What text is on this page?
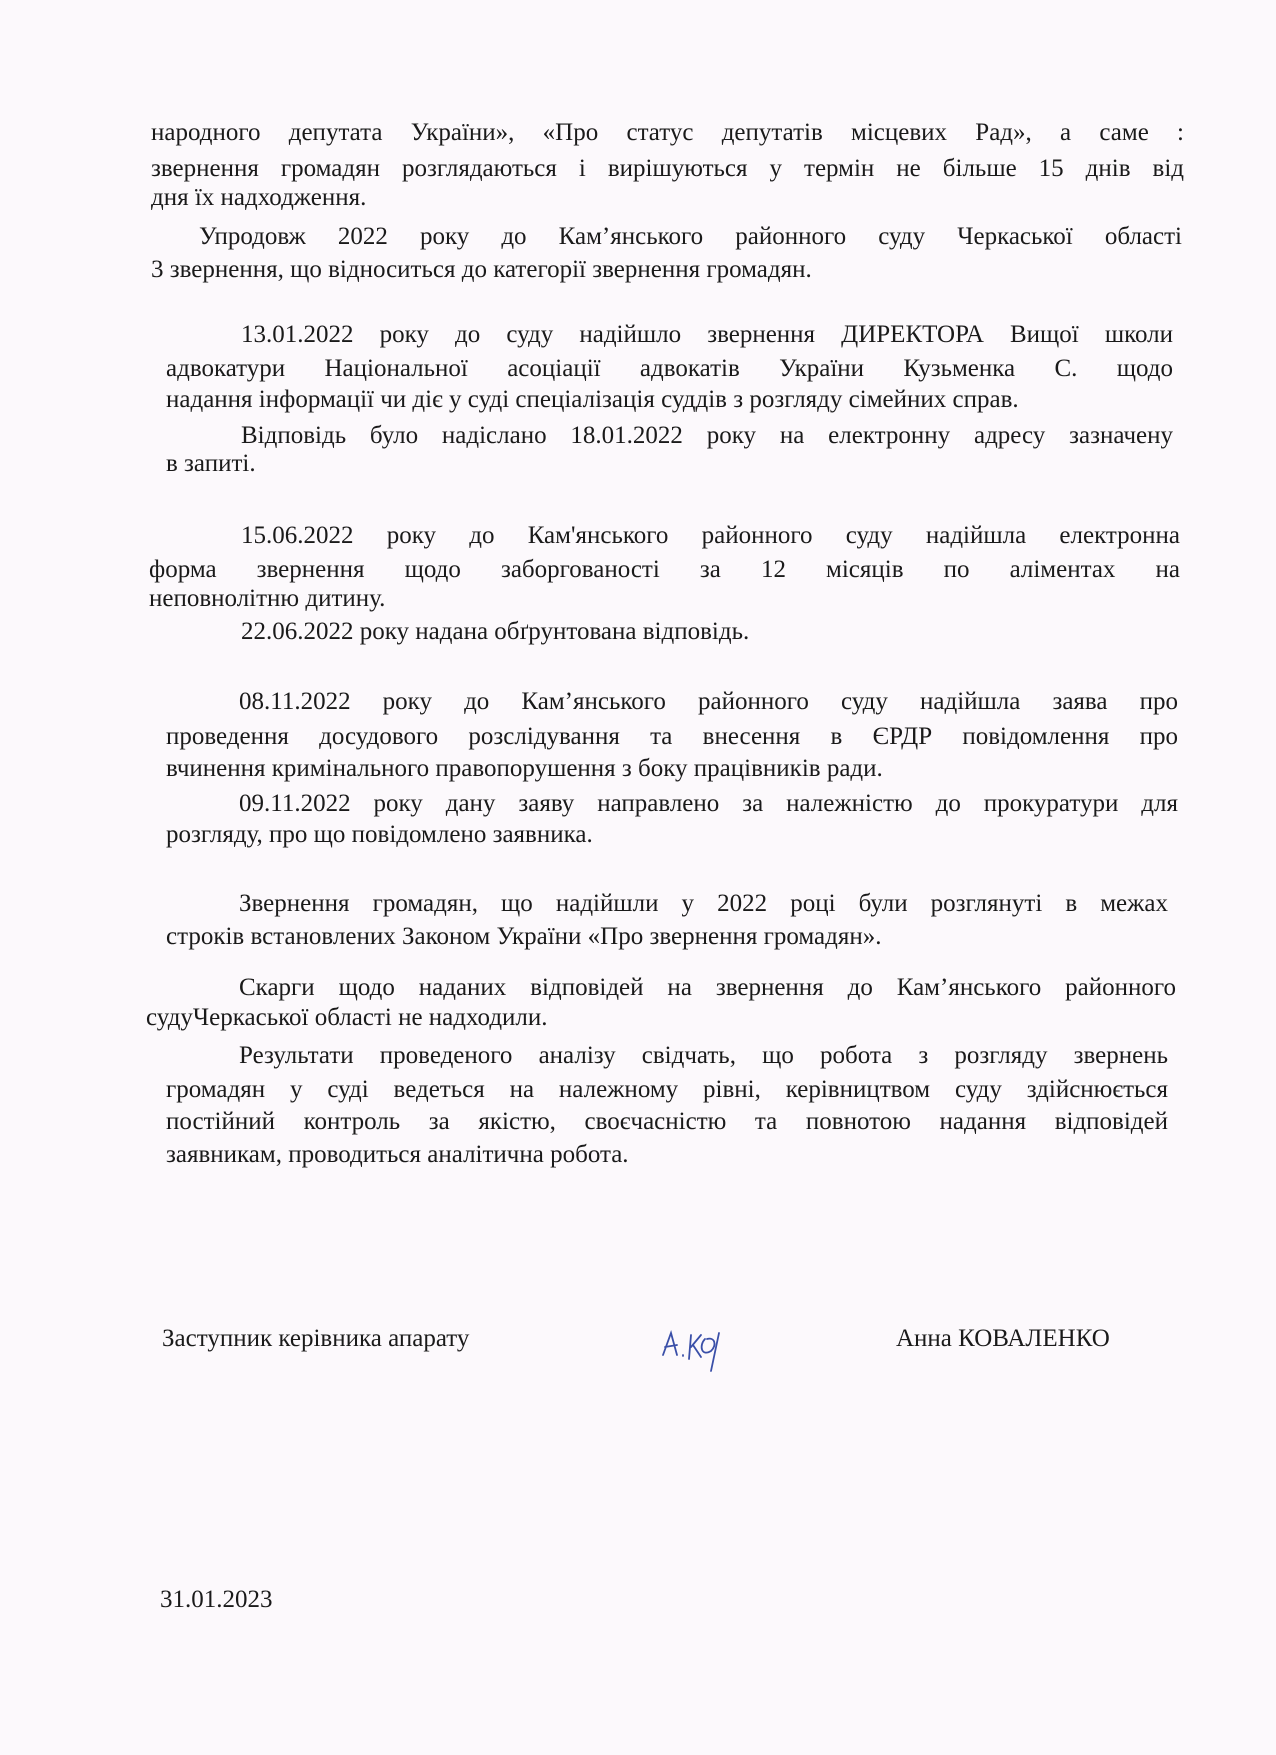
народного депутата України», «Про статус депутатів місцевих Рад», а саме :
звернення громадян розглядаються і вирішуються у термін не більше 15 днів від
дня їх надходження.
Упродовж 2022 року до Кам’янського районного суду Черкаської області
3 звернення, що відноситься до категорії звернення громадян.
13.01.2022 року до суду надійшло звернення ДИРЕКТОРА Вищої школи
адвокатури Національної асоціації адвокатів України Кузьменка С. щодо
надання інформації чи діє у суді спеціалізація суддів з розгляду сімейних справ.
Відповідь було надіслано 18.01.2022 року на електронну адресу зазначену
в запиті.
15.06.2022 року до Кам'янського районного суду надійшла електронна
форма звернення щодо заборгованості за 12 місяців по аліментах на
неповнолітню дитину.
22.06.2022 року надана обґрунтована відповідь.
08.11.2022 року до Кам’янського районного суду надійшла заява про
проведення досудового розслідування та внесення в ЄРДР повідомлення про
вчинення кримінального правопорушення з боку працівників ради.
09.11.2022 року дану заяву направлено за належністю до прокуратури для
розгляду, про що повідомлено заявника.
Звернення громадян, що надійшли у 2022 році були розглянуті в межах
строків встановлених Законом України «Про звернення громадян».
Скарги щодо наданих відповідей на звернення до Кам’янського районного
судуЧеркаської області не надходили.
Результати проведеного аналізу свідчать, що робота з розгляду звернень
громадян у суді ведеться на належному рівні, керівництвом суду здійснюється
постійний контроль за якістю, своєчасністю та повнотою надання відповідей
заявникам, проводиться аналітична робота.
Заступник керівника апарату	Анна КОВАЛЕНКО
31.01.2023
